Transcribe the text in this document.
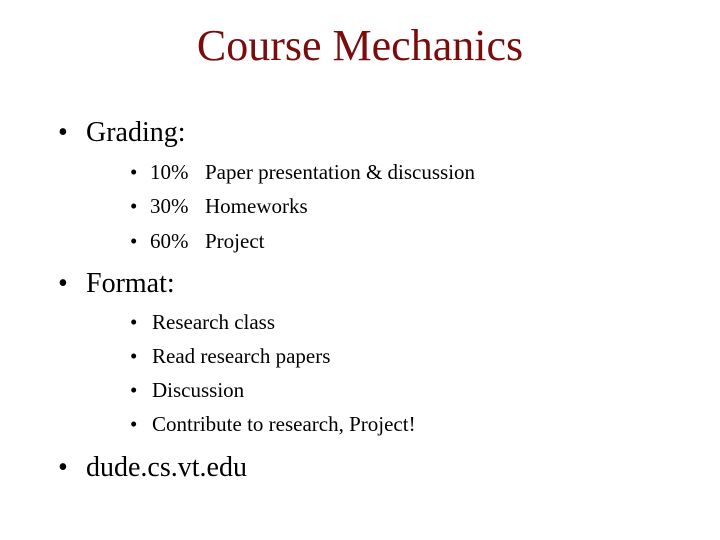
Course Mechanics
• Grading:
• 10% Paper presentation & discussion
• 30% Homeworks
• 60% Project
• Format:
• Research class
• Read research papers
• Discussion
• Contribute to research, Project!
• dude.cs.vt.edu
